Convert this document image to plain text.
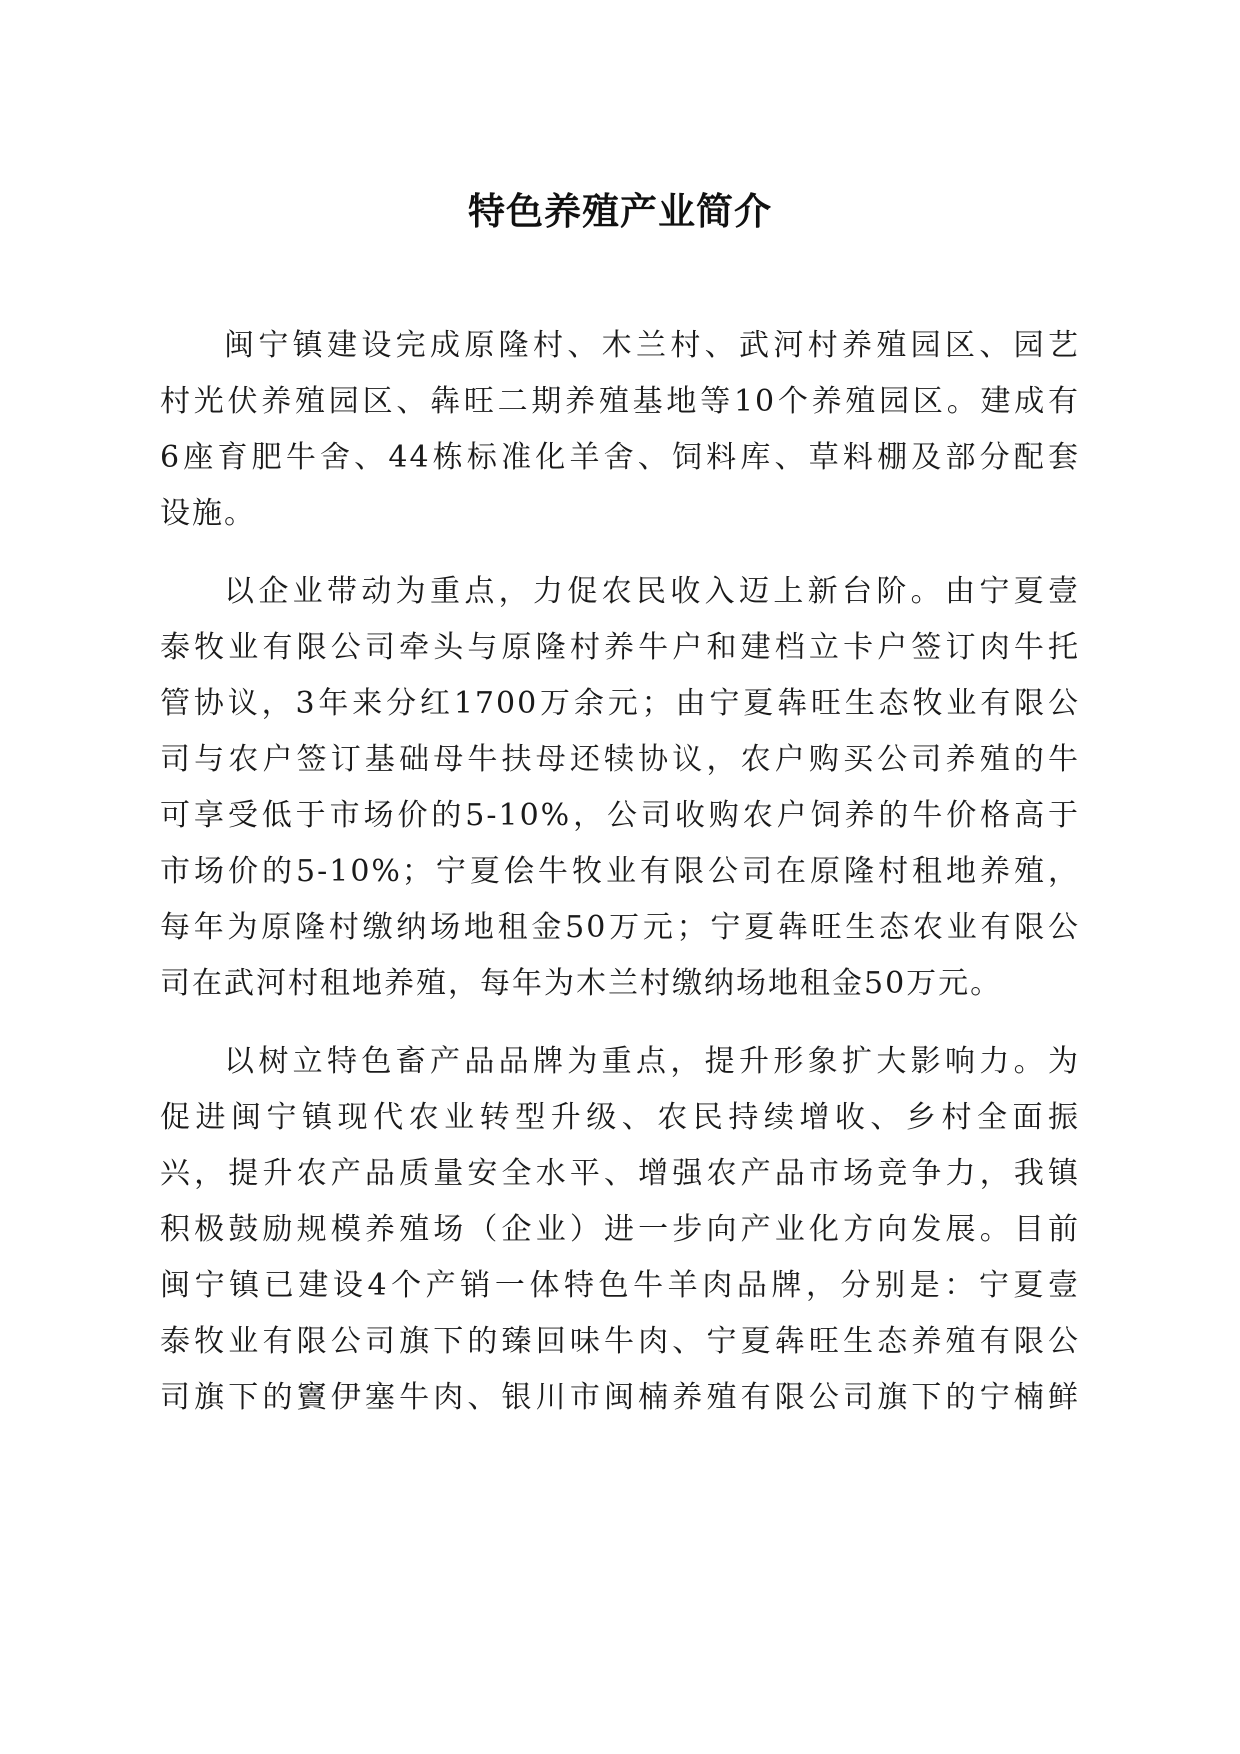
特色养殖产业简介
闽宁镇建设完成原隆村、木兰村、武河村养殖园区、园艺
村光伏养殖园区、犇旺二期养殖基地等10个养殖园区。建成有
6座育肥牛舍、44栋标准化羊舍、饲料库、草料棚及部分配套
设施。
以企业带动为重点，力促农民收入迈上新台阶。由宁夏壹
泰牧业有限公司牵头与原隆村养牛户和建档立卡户签订肉牛托
管协议，3年来分红1700万余元；由宁夏犇旺生态牧业有限公
司与农户签订基础母牛扶母还犊协议，农户购买公司养殖的牛
可享受低于市场价的5-10%，公司收购农户饲养的牛价格高于
市场价的5-10%；宁夏侩牛牧业有限公司在原隆村租地养殖，
每年为原隆村缴纳场地租金50万元；宁夏犇旺生态农业有限公
司在武河村租地养殖，每年为木兰村缴纳场地租金50万元。
以树立特色畜产品品牌为重点，提升形象扩大影响力。为
促进闽宁镇现代农业转型升级、农民持续增收、乡村全面振
兴，提升农产品质量安全水平、增强农产品市场竞争力，我镇
积极鼓励规模养殖场（企业）进一步向产业化方向发展。目前
闽宁镇已建设4个产销一体特色牛羊肉品牌，分别是：宁夏壹
泰牧业有限公司旗下的臻回味牛肉、宁夏犇旺生态养殖有限公
司旗下的竇伊塞牛肉、银川市闽楠养殖有限公司旗下的宁楠鲜
